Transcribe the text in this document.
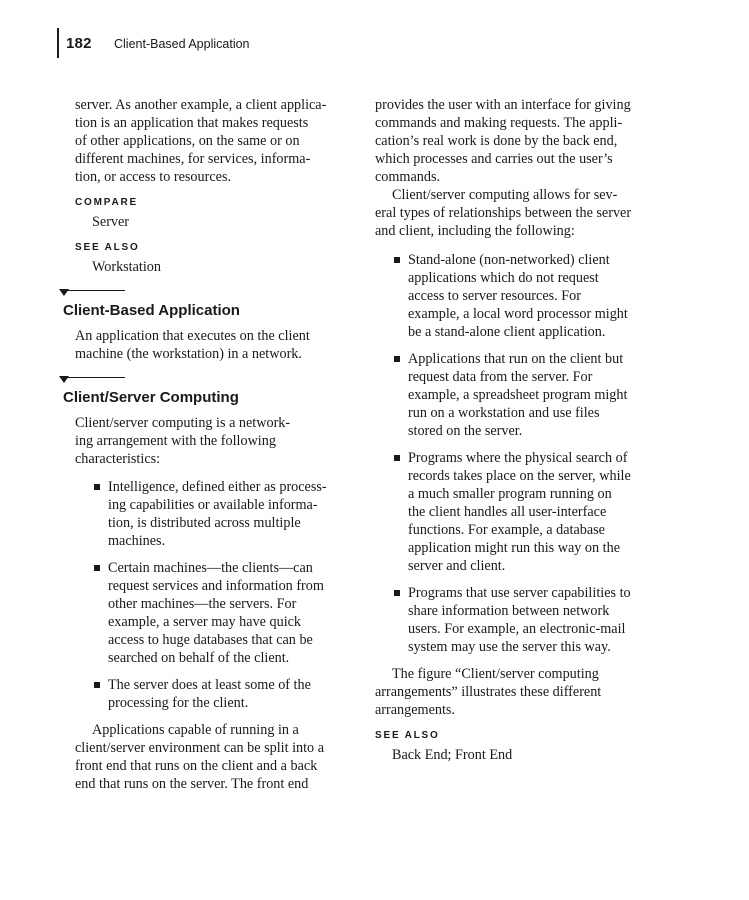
182 Client-Based Application

server. As another example, a client applica-
tion is an application that makes requests
of other applications, on the same or on
different machines, for services, informa-
tion, or access to resources.

COMPARE
Server
SEE ALSO
Workstation
Client-Based Application

An application that executes on the client
machine (the workstation) in a network.

Client/Server Computing

Client/server computing is a network-
ing arrangement with the following
characteristics:

Intelligence, defined either as process-
ing capabilities or available informa-
tion, is distributed across multiple
machines.
Certain machines—the clients—can
request services and information from
other machines—the servers. For
example, a server may have quick
access to huge databases that can be
searched on behalf of the client.
The server does at least some of the
processing for the client.

Applications capable of running in a
client/server environment can be split into a
front end that runs on the client and a back
end that runs on the server. The front end

provides the user with an interface for giving
commands and making requests. The appli-
cation’s real work is done by the back end,
which processes and carries out the user’s
commands.

Client/server computing allows for sev-
eral types of relationships between the server
and client, including the following:

Stand-alone (non-networked) client
applications which do not request
access to server resources. For
example, a local word processor might
be a stand-alone client application.
Applications that run on the client but
request data from the server. For
example, a spreadsheet program might
run on a workstation and use files
stored on the server.
Programs where the physical search of
records takes place on the server, while
a much smaller program running on
the client handles all user-interface
functions. For example, a database
application might run this way on the
server and client.
Programs that use server capabilities to
share information between network
users. For example, an electronic-mail
system may use the server this way.

The figure “Client/server computing
arrangements” illustrates these different
arrangements.

SEE ALSO
Back End; Front End
